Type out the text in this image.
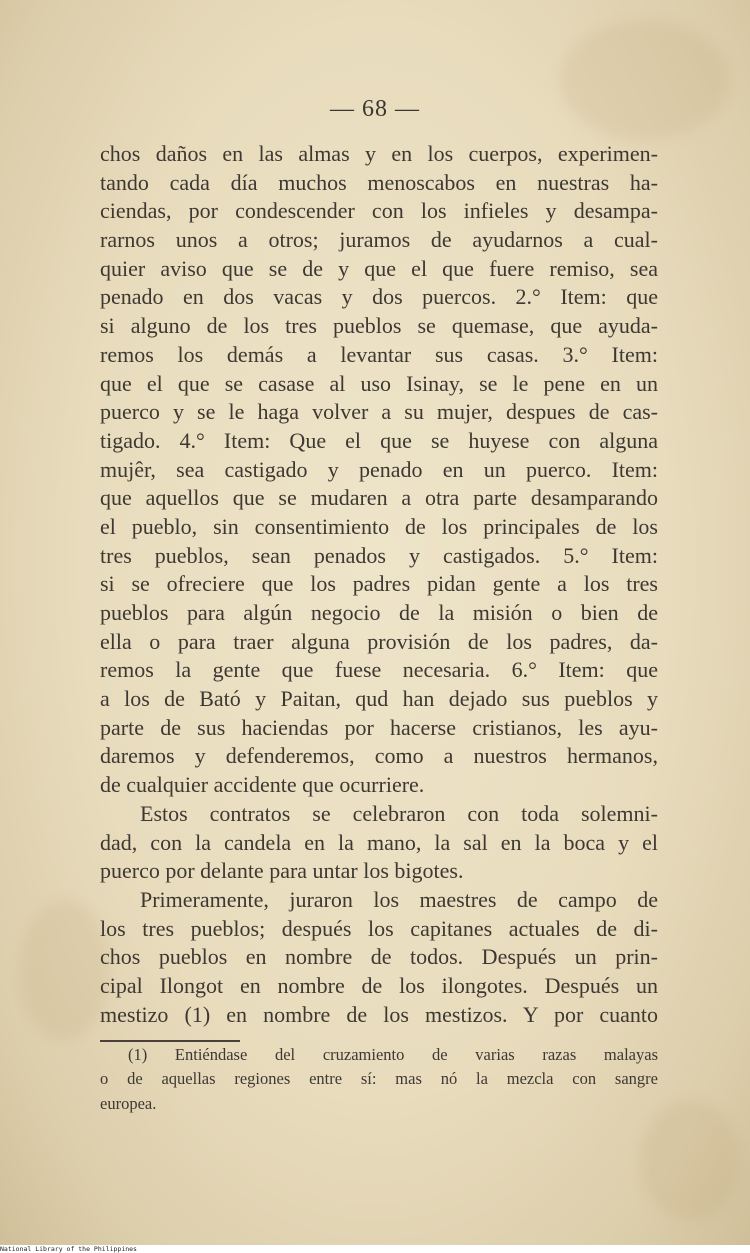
— 68 —
chos daños en las almas y en los cuerpos, experimen-
tando cada día muchos menoscabos en nuestras ha-
ciendas, por condescender con los infieles y desampa-
rarnos unos a otros; juramos de ayudarnos a cual-
quier aviso que se de y que el que fuere remiso, sea
penado en dos vacas y dos puercos. 2.° Item: que
si alguno de los tres pueblos se quemase, que ayuda-
remos los demás a levantar sus casas. 3.° Item:
que el que se casase al uso Isinay, se le pene en un
puerco y se le haga volver a su mujer, despues de cas-
tigado. 4.° Item: Que el que se huyese con alguna
mujêr, sea castigado y penado en un puerco. Item:
que aquellos que se mudaren a otra parte desamparando
el pueblo, sin consentimiento de los principales de los
tres pueblos, sean penados y castigados. 5.° Item:
si se ofreciere que los padres pidan gente a los tres
pueblos para algún negocio de la misión o bien de
ella o para traer alguna provisión de los padres, da-
remos la gente que fuese necesaria. 6.° Item: que
a los de Bató y Paitan, qud han dejado sus pueblos y
parte de sus haciendas por hacerse cristianos, les ayu-
daremos y defenderemos, como a nuestros hermanos,
de cualquier accidente que ocurriere.
Estos contratos se celebraron con toda solemni-
dad, con la candela en la mano, la sal en la boca y el
puerco por delante para untar los bigotes.
Primeramente, juraron los maestres de campo de
los tres pueblos; después los capitanes actuales de di-
chos pueblos en nombre de todos. Después un prin-
cipal Ilongot en nombre de los ilongotes. Después un
mestizo (1) en nombre de los mestizos. Y por cuanto
(1) Entiéndase del cruzamiento de varias razas malayas
o de aquellas regiones entre sí: mas nó la mezcla con sangre
europea.
National Library of the Philippines
